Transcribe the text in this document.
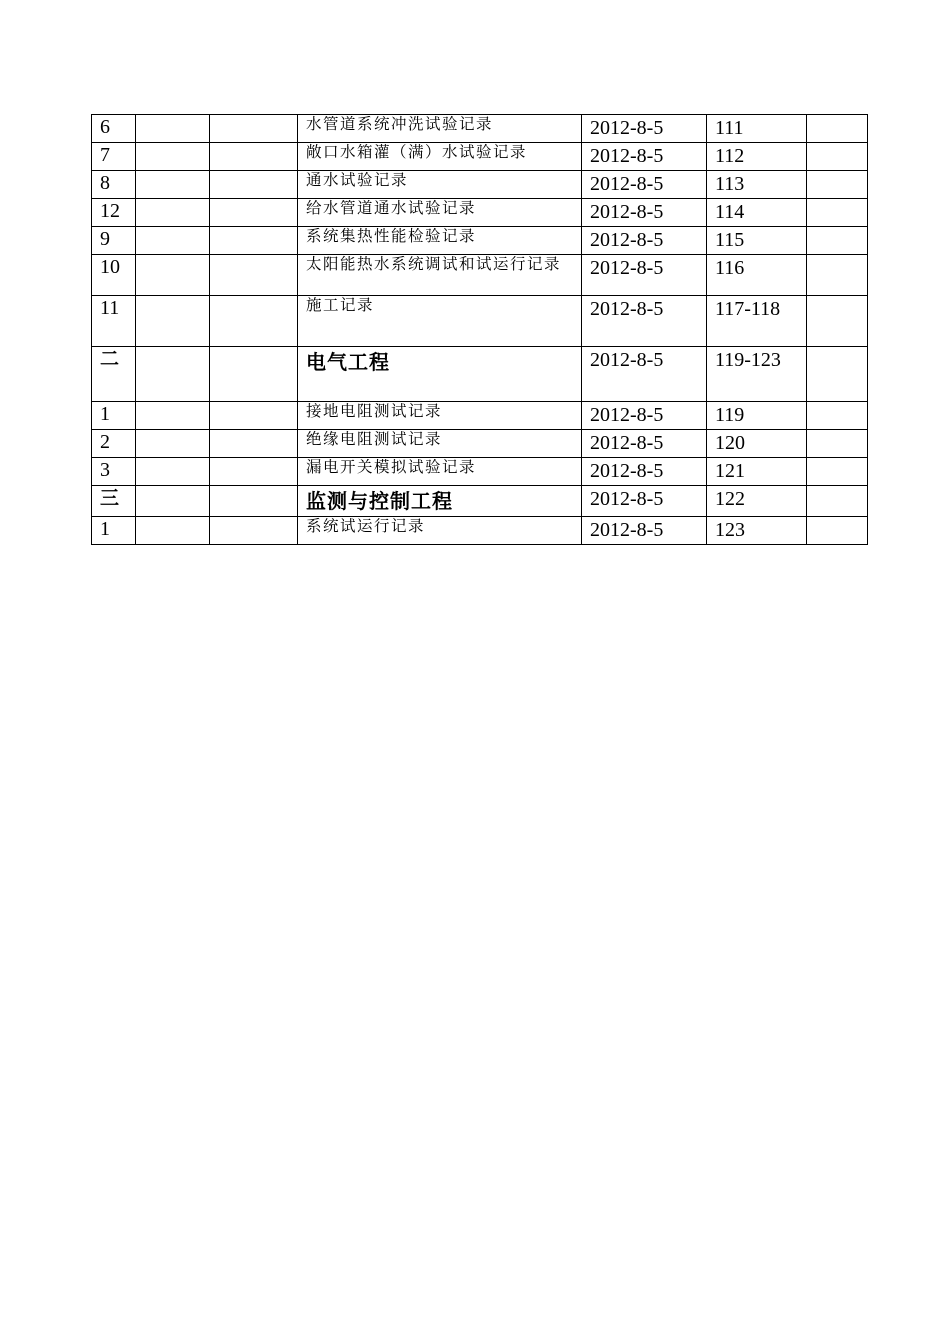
6			水管道系统冲洗试验记录	2012-8-5	111	
7			敞口水箱灌（满）水试验记录	2012-8-5	112	
8			通水试验记录	2012-8-5	113	
12			给水管道通水试验记录	2012-8-5	114	
9			系统集热性能检验记录	2012-8-5	115	
10			太阳能热水系统调试和试运行记录	2012-8-5	116	
11			施工记录	2012-8-5	117-118	
二			电气工程	2012-8-5	119-123	
1			接地电阻测试记录	2012-8-5	119	
2			绝缘电阻测试记录	2012-8-5	120	
3			漏电开关模拟试验记录	2012-8-5	121	
三			监测与控制工程	2012-8-5	122	
1			系统试运行记录	2012-8-5	123	
